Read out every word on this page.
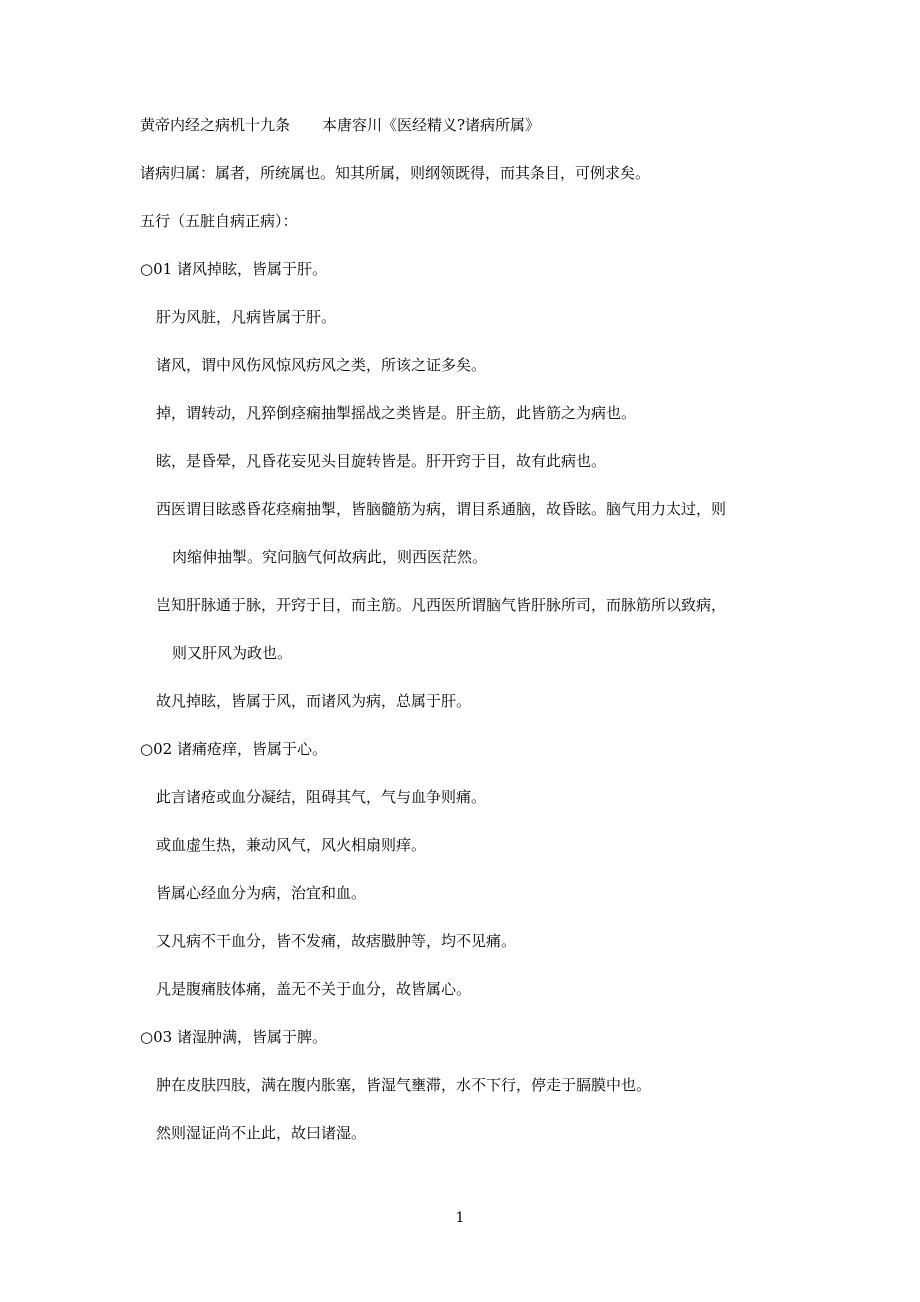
黄帝内经之病机十九条 本唐容川《医经精义?诸病所属》
诸病归属：属者，所统属也。知其所属，则纲领既得，而其条目，可例求矣。
五行（五脏自病正病）：
○01 诸风掉眩，皆属于肝。
肝为风脏，凡病皆属于肝。
诸风，谓中风伤风惊风疠风之类，所该之证多矣。
掉，谓转动，凡猝倒痉痫抽掣摇战之类皆是。肝主筋，此皆筋之为病也。
眩，是昏晕，凡昏花妄见头目旋转皆是。肝开窍于目，故有此病也。
西医谓目眩惑昏花痉痫抽掣，皆脑髓筋为病，谓目系通脑，故昏眩。脑气用力太过，则
肉缩伸抽掣。究问脑气何故病此，则西医茫然。
岂知肝脉通于脉，开窍于目，而主筋。凡西医所谓脑气皆肝脉所司，而脉筋所以致病，
则又肝风为政也。
故凡掉眩，皆属于风，而诸风为病，总属于肝。
○02 诸痛疮痒，皆属于心。
此言诸疮或血分凝结，阻碍其气，气与血争则痛。
或血虚生热，兼动风气，风火相扇则痒。
皆属心经血分为病，治宜和血。
又凡病不干血分，皆不发痛，故痞臌肿等，均不见痛。
凡是腹痛肢体痛，盖无不关于血分，故皆属心。
○03 诸湿肿满，皆属于脾。
肿在皮肤四肢，满在腹内胀塞，皆湿气壅滞，水不下行，停走于膈膜中也。
然则湿证尚不止此，故曰诸湿。
1
